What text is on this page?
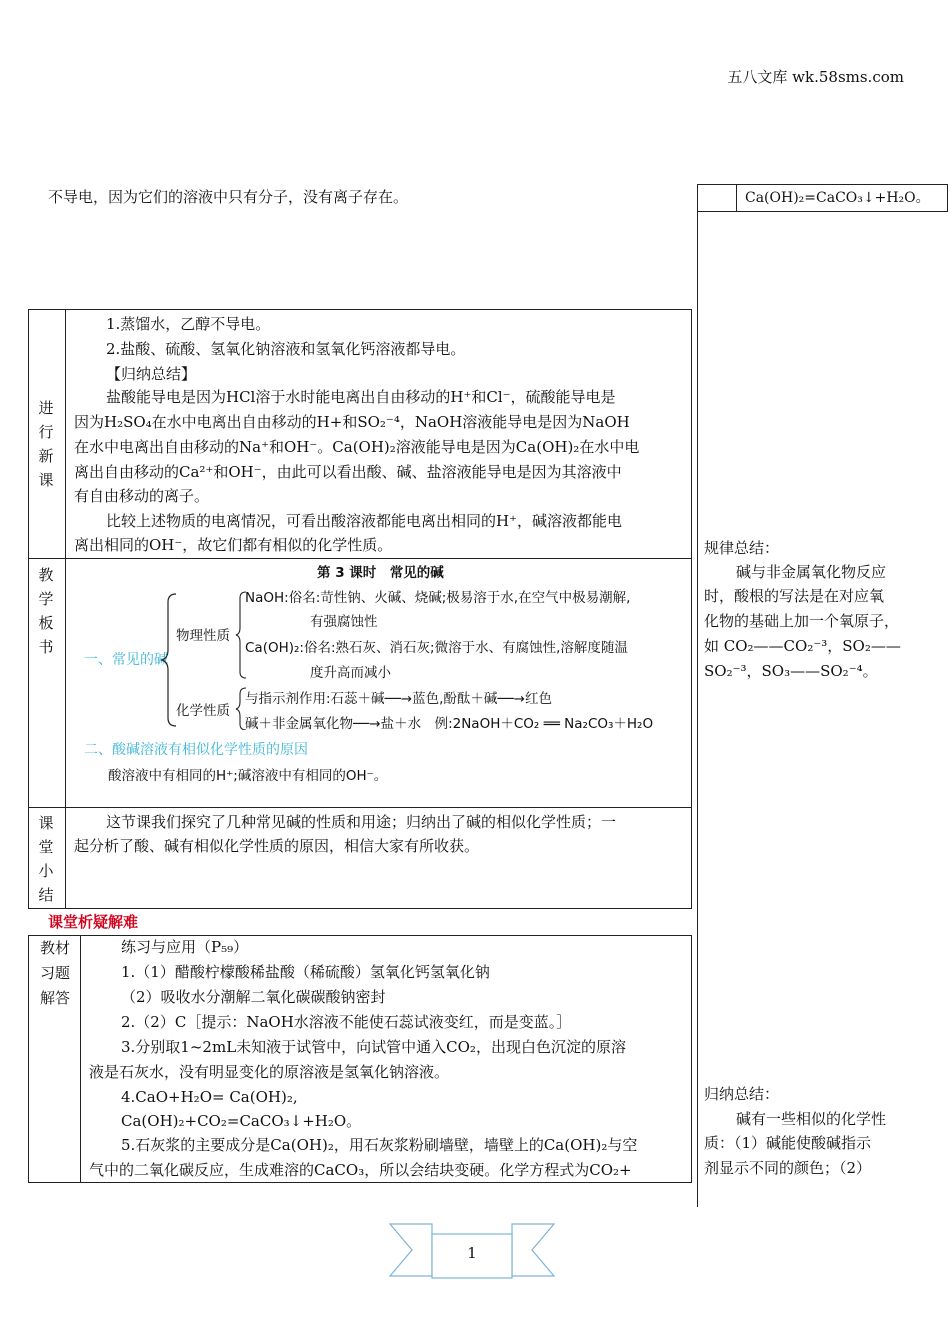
五八文库 wk.58sms.com
不导电，因为它们的溶液中只有分子，没有离子存在。	Ca(OH)₂=CaCO₃↓+H₂O。
进
行
新
课
1.蒸馏水，乙醇不导电。
2.盐酸、硫酸、氢氧化钠溶液和氢氧化钙溶液都导电。
【归纳总结】
盐酸能导电是因为HCl溶于水时能电离出自由移动的H⁺和Cl⁻，硫酸能导电是
因为H₂SO₄在水中电离出自由移动的H+和SO₂⁻⁴，NaOH溶液能导电是因为NaOH
在水中电离出自由移动的Na⁺和OH⁻。Ca(OH)₂溶液能导电是因为Ca(OH)₂在水中电
离出自由移动的Ca²⁺和OH⁻，由此可以看出酸、碱、盐溶液能导电是因为其溶液中
有自由移动的离子。
比较上述物质的电离情况，可看出酸溶液都能电离出相同的H⁺，碱溶液都能电
离出相同的OH⁻，故它们都有相似的化学性质。
教
学
板
书
第 3 课时　常见的碱
一、常见的碱
物理性质
化学性质
NaOH:俗名:苛性钠、火碱、烧碱;极易溶于水,在空气中极易潮解,
有强腐蚀性
Ca(OH)₂:俗名:熟石灰、消石灰;微溶于水、有腐蚀性,溶解度随温
度升高而减小
与指示剂作用:石蕊＋碱──→蓝色,酚酞＋碱──→红色
碱＋非金属氧化物──→盐＋水　例:2NaOH＋CO₂ ══ Na₂CO₃＋H₂O
二、酸碱溶液有相似化学性质的原因
酸溶液中有相同的H⁺;碱溶液中有相同的OH⁻。
课
堂
小
结
这节课我们探究了几种常见碱的性质和用途；归纳出了碱的相似化学性质；一
起分析了酸、碱有相似化学性质的原因，相信大家有所收获。
课堂析疑解难
教材
习题
解答
练习与应用（P₅₉）
1.（1）醋酸柠檬酸稀盐酸（稀硫酸）氢氧化钙氢氧化钠
（2）吸收水分潮解二氧化碳碳酸钠密封
2.（2）C［提示：NaOH水溶液不能使石蕊试液变红，而是变蓝。］
3.分别取1~2mL未知液于试管中，向试管中通入CO₂，出现白色沉淀的原溶
液是石灰水，没有明显变化的原溶液是氢氧化钠溶液。
4.CaO+H₂O= Ca(OH)₂,
Ca(OH)₂+CO₂=CaCO₃↓+H₂O。
5.石灰浆的主要成分是Ca(OH)₂，用石灰浆粉刷墙壁，墙壁上的Ca(OH)₂与空
气中的二氧化碳反应，生成难溶的CaCO₃，所以会结块变硬。化学方程式为CO₂+
规律总结：
碱与非金属氧化物反应
时，酸根的写法是在对应氧
化物的基础上加一个氧原子，
如 CO₂——CO₂⁻³，SO₂——
SO₂⁻³，SO₃——SO₂⁻⁴。
归纳总结：
碱有一些相似的化学性
质：（1）碱能使酸碱指示
剂显示不同的颜色；（2）
1
